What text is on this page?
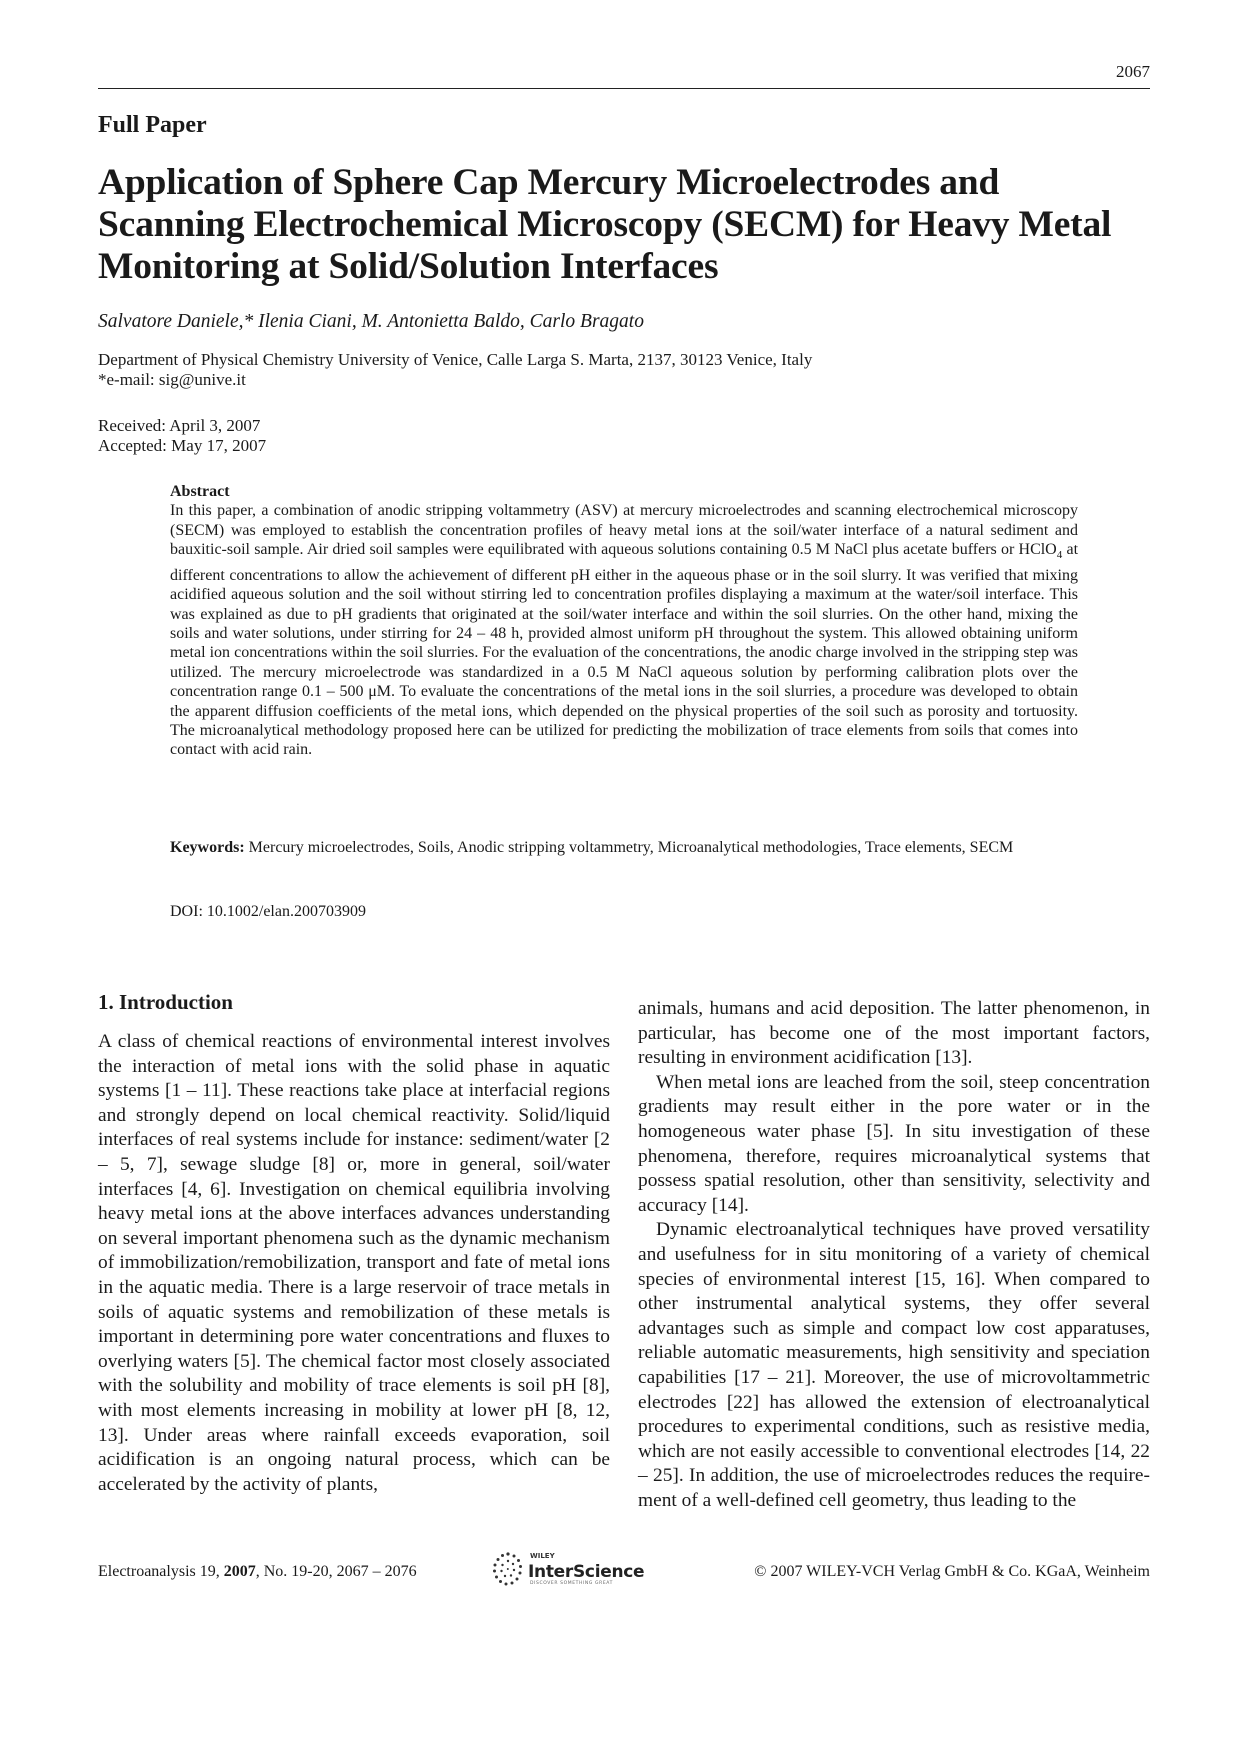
2067
Full Paper
Application of Sphere Cap Mercury Microelectrodes and Scanning Electrochemical Microscopy (SECM) for Heavy Metal Monitoring at Solid/Solution Interfaces
Salvatore Daniele,* Ilenia Ciani, M. Antonietta Baldo, Carlo Bragato
Department of Physical Chemistry University of Venice, Calle Larga S. Marta, 2137, 30123 Venice, Italy
*e-mail: sig@unive.it
Received: April 3, 2007
Accepted: May 17, 2007
Abstract
In this paper, a combination of anodic stripping voltammetry (ASV) at mercury microelectrodes and scanning electrochemical microscopy (SECM) was employed to establish the concentration profiles of heavy metal ions at the soil/water interface of a natural sediment and bauxitic-soil sample. Air dried soil samples were equilibrated with aqueous solutions containing 0.5 M NaCl plus acetate buffers or HClO$_4$ at different concentrations to allow the achievement of different pH either in the aqueous phase or in the soil slurry. It was verified that mixing acidified aqueous solution and the soil without stirring led to concentration profiles displaying a maximum at the water/soil interface. This was explained as due to pH gradients that originated at the soil/water interface and within the soil slurries. On the other hand, mixing the soils and water solutions, under stirring for 24 – 48 h, provided almost uniform pH throughout the system. This allowed obtaining uniform metal ion concentrations within the soil slurries. For the evaluation of the concentrations, the anodic charge involved in the stripping step was utilized. The mercury microelectrode was standardized in a 0.5 M NaCl aqueous solution by performing calibration plots over the concentration range 0.1 – 500 μM. To evaluate the concentrations of the metal ions in the soil slurries, a procedure was developed to obtain the apparent diffusion coefficients of the metal ions, which depended on the physical properties of the soil such as porosity and tortuosity. The microanalytical methodology proposed here can be utilized for predicting the mobilization of trace elements from soils that comes into contact with acid rain.
Keywords: Mercury microelectrodes, Soils, Anodic stripping voltammetry, Microanalytical methodologies, Trace elements, SECM
DOI: 10.1002/elan.200703909
1. Introduction

A class of chemical reactions of environmental interest involves the interaction of metal ions with the solid phase in aquatic systems [1 – 11]. These reactions take place at interfacial regions and strongly depend on local chemical reactivity. Solid/liquid interfaces of real systems include for instance: sediment/water [2 – 5, 7], sewage sludge [8] or, more in general, soil/water interfaces [4, 6]. Investigation on chemical equilibria involving heavy metal ions at the above interfaces advances understanding on several important phenomena such as the dynamic mechanism of immobilization/remobilization, transport and fate of metal ions in the aquatic media. There is a large reservoir of trace metals in soils of aquatic systems and remobilization of these metals is important in determining pore water concentrations and fluxes to overlying waters [5]. The chemical factor most closely associated with the solubility and mobility of trace elements is soil pH [8], with most elements increasing in mobility at lower pH [8, 12, 13]. Under areas where rainfall exceeds evaporation, soil acidification is an ongoing natural process, which can be accelerated by the activity of plants,

animals, humans and acid deposition. The latter phenomenon, in particular, has become one of the most important factors, resulting in environment acidification [13].

When metal ions are leached from the soil, steep concentration gradients may result either in the pore water or in the homogeneous water phase [5]. In situ investigation of these phenomena, therefore, requires microanalytical systems that possess spatial resolution, other than sensitivity, selectivity and accuracy [14].

Dynamic electroanalytical techniques have proved versatility and usefulness for in situ monitoring of a variety of chemical species of environmental interest [15, 16]. When compared to other instrumental analytical systems, they offer several advantages such as simple and compact low cost apparatuses, reliable automatic measurements, high sensitivity and speciation capabilities [17 – 21]. Moreover, the use of microvoltammetric electrodes [22] has allowed the extension of electroanalytical procedures to experimental conditions, such as resistive media, which are not easily accessible to conventional electrodes [14, 22 – 25]. In addition, the use of microelectrodes reduces the requirement of a well-defined cell geometry, thus leading to the

Electroanalysis 19, 2007, No. 19-20, 2067 – 2076
WILEY
InterScience
DISCOVER SOMETHING GREAT
© 2007 WILEY-VCH Verlag GmbH & Co. KGaA, Weinheim
